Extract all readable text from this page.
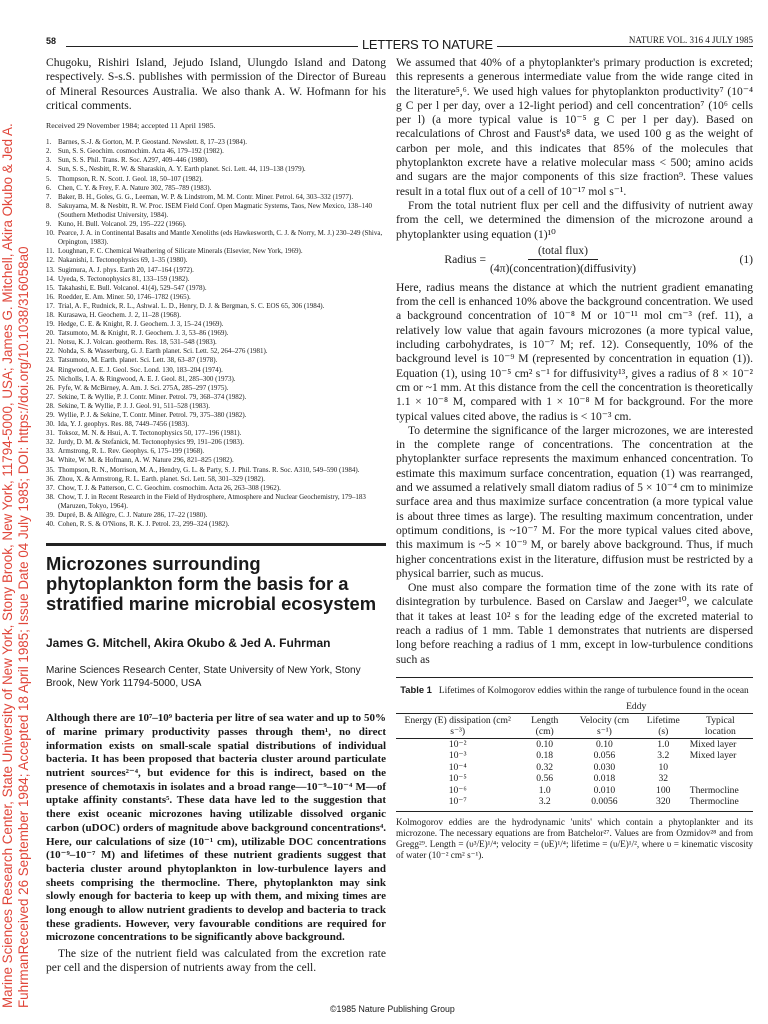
Marine Sciences Research Center, State University of New York, Stony Brook, New York, 11794-5000, USA; James G. Mitchell, Akira Okubo & Jed A. FuhrmanReceived 26 September 1984; Accepted 18 April 1985; Issue Date 04 July 1985; DOI: https://doi.org/10.1038/316058a0
58	LETTERS TO NATURE	NATURE VOL. 316 4 JULY 1985

Chugoku, Rishiri Island, Jejudo Island, Ulungdo Island and Datong respectively. S-s.S. publishes with permission of the Director of Bureau of Mineral Resources Australia. We also thank A. W. Hofmann for his critical comments.

Received 29 November 1984; accepted 11 April 1985.

1. Barnes, S.-J. & Gorton, M. P. Geostand. Newslett. 8, 17–23 (1984).
2. Sun, S. S. Geochim. cosmochim. Acta 46, 179–192 (1982).
3. Sun, S. S. Phil. Trans. R. Soc. A297, 409–446 (1980).
4. Sun, S. S., Nesbitt, R. W. & Sharaskin, A. Y. Earth planet. Sci. Lett. 44, 119–138 (1979).
5. Thompson, R. N. Scott. J. Geol. 18, 50–107 (1982).
6. Chen, C. Y. & Frey, F. A. Nature 302, 785–789 (1983).
7. Baker, B. H., Goles, G. G., Leeman, W. P. & Lindstrom, M. M. Contr. Miner. Petrol. 64, 303–332 (1977).
8. Sakuyama, M. & Nesbitt, R. W. Proc. ISEM Field Conf. Open Magmatic Systems, Taos, New Mexico, 138–140 (Southern Methodist University, 1984).
9. Kuno, H. Bull. Volcanol. 29, 195–222 (1966).
10. Pearce, J. A. in Continental Basalts and Mantle Xenoliths (eds Hawkesworth, C. J. & Norry, M. J.) 230–249 (Shiva, Orpington, 1983).
11. Loughnan, F. C. Chemical Weathering of Silicate Minerals (Elsevier, New York, 1969).
12. Nakanishi, I. Tectonophysics 69, 1–35 (1980).
13. Sugimura, A. J. phys. Earth 20, 147–164 (1972).
14. Uyeda, S. Tectonophysics 81, 133–159 (1982).
15. Takahashi, E. Bull. Volcanol. 41(4), 529–547 (1978).
16. Roedder, E. Am. Miner. 50, 1746–1782 (1965).
17. Trial, A. F., Rudnick, R. L., Ashwal. L. D., Henry, D. J. & Bergman, S. C. EOS 65, 306 (1984).
18. Kurasawa, H. Geochem. J. 2, 11–28 (1968).
19. Hedge, C. E. & Knight, R. J. Geochem. J. 3, 15–24 (1969).
20. Tatsumoto, M. & Knight, R. J. Geochem. J. 3, 53–86 (1969).
21. Notsu, K. J. Volcan. geotherm. Res. 18, 531–548 (1983).
22. Nohda, S. & Wasserburg, G. J. Earth planet. Sci. Lett. 52, 264–276 (1981).
23. Tatsumoto, M. Earth. planet. Sci. Lett. 38, 63–87 (1978).
24. Ringwood, A. E. J. Geol. Soc. Lond. 130, 183–204 (1974).
25. Nicholls, I. A. & Ringwood, A. E. J. Geol. 81, 285–300 (1973).
26. Fyfe, W. & McBirney, A. Am. J. Sci. 275A, 285–297 (1975).
27. Sekine, T. & Wyllie, P. J. Contr. Miner. Petrol. 79, 368–374 (1982).
28. Sekine, T. & Wyllie, P. J. J. Geol. 91, 511–528 (1983).
29. Wyllie, P. J. & Sekine, T. Contr. Miner. Petrol. 79, 375–380 (1982).
30. Ida, Y. J. geophys. Res. 88, 7449–7456 (1983).
31. Toksoz, M. N. & Hsui, A. T. Tectonophysics 50, 177–196 (1981).
32. Jurdy, D. M. & Stefanick, M. Tectonophysics 99, 191–206 (1983).
33. Armstrong, R. L. Rev. Geophys. 6, 175–199 (1968).
34. White, W. M. & Hofmann, A. W. Nature 296, 821–825 (1982).
35. Thompson, R. N., Morrison, M. A., Hendry, G. L. & Party, S. J. Phil. Trans. R. Soc. A310, 549–590 (1984).
36. Zhou, X. & Armstrong, R. L. Earth. planet. Sci. Lett. 58, 301–329 (1982).
37. Chow, T. J. & Patterson, C. C. Geochim. cosmochim. Acta 26, 263–308 (1962).
38. Chow, T. J. in Recent Research in the Field of Hydrosphere, Atmosphere and Nuclear Geochemistry, 179–183 (Maruzen, Tokyo, 1964).
39. Dupré, B. & Allègre, C. J. Nature 286, 17–22 (1980).
40. Cohen, R. S. & O'Nions, R. K. J. Petrol. 23, 299–324 (1982).
Microzones surrounding phytoplankton form the basis for a stratified marine microbial ecosystem
James G. Mitchell, Akira Okubo & Jed A. Fuhrman
Marine Sciences Research Center, State University of New York, Stony Brook, New York 11794-5000, USA

Although there are 10⁷–10⁹ bacteria per litre of sea water and up to 50% of marine primary productivity passes through them¹, no direct information exists on small-scale spatial distributions of individual bacteria. It has been proposed that bacteria cluster around particulate nutrient sources²⁻⁴, but evidence for this is indirect, based on the presence of chemotaxis in isolates and a broad range—10⁻⁹–10⁻⁴ M—of uptake affinity constants⁵. These data have led to the suggestion that there exist oceanic microzones having utilizable dissolved organic carbon (uDOC) orders of magnitude above background concentrations⁴. Here, our calculations of size (10⁻¹ cm), utilizable DOC concentrations (10⁻⁹–10⁻⁷ M) and lifetimes of these nutrient gradients suggest that bacteria cluster around phytoplankton in low-turbulence layers and sheets comprising the thermocline. There, phytoplankton may sink slowly enough for bacteria to keep up with them, and mixing times are long enough to allow nutrient gradients to develop and bacteria to track these gradients. However, very favourable conditions are required for microzone concentrations to be significantly above background.

The size of the nutrient field was calculated from the excretion rate per cell and the dispersion of nutrients away from the cell.

We assumed that 40% of a phytoplankter's primary production is excreted; this represents a generous intermediate value from the wide range cited in the literature⁵,⁶. We used high values for phytoplankton productivity⁷ (10⁻⁴ g C per l per day, over a 12-light period) and cell concentration⁷ (10⁶ cells per l) (a more typical value is 10⁻⁵ g C per l per day). Based on recalculations of Chrost and Faust's⁸ data, we used 100 g as the weight of carbon per mole, and this indicates that 85% of the molecules that phytoplankton excrete have a relative molecular mass < 500; amino acids and sugars are the major components of this size fraction⁹. These values result in a total flux out of a cell of 10⁻¹⁷ mol s⁻¹.

From the total nutrient flux per cell and the diffusivity of nutrient away from the cell, we determined the dimension of the microzone around a phytoplankter using equation (1)¹⁰

Radius = $\frac{\text{(total flux)}}{\text{(4π)(concentration)(diffusivity)}}$	(1)

Here, radius means the distance at which the nutrient gradient emanating from the cell is enhanced 10% above the background concentration. We used a background concentration of 10⁻⁸ M or 10⁻¹¹ mol cm⁻³ (ref. 11), a relatively low value that again favours microzones (a more typical value, including carbohydrates, is 10⁻⁷ M; ref. 12). Consequently, 10% of the background level is 10⁻⁹ M (represented by concentration in equation (1)). Equation (1), using 10⁻⁵ cm² s⁻¹ for diffusivity¹³, gives a radius of 8 × 10⁻² cm or ~1 mm. At this distance from the cell the concentration is theoretically 1.1 × 10⁻⁸ M, compared with 1 × 10⁻⁸ M for background. For the more typical values cited above, the radius is < 10⁻³ cm.

To determine the significance of the larger microzones, we are interested in the complete range of concentrations. The concentration at the phytoplankter surface represents the maximum enhanced concentration. To estimate this maximum surface concentration, equation (1) was rearranged, and we assumed a relatively small diatom radius of 5 × 10⁻⁴ cm to minimize surface area and thus maximize surface concentration (a more typical value is about three times as large). The resulting maximum concentration, under optimum conditions, is ~10⁻⁷ M. For the more typical values cited above, this maximum is ~5 × 10⁻⁹ M, or barely above background. Thus, if much higher concentrations exist in the literature, diffusion must be restricted by a physical barrier, such as mucus.

One must also compare the formation time of the zone with its rate of disintegration by turbulence. Based on Carslaw and Jaeger¹⁰, we calculate that it takes at least 10² s for the leading edge of the excreted material to reach a radius of 1 mm. Table 1 demonstrates that nutrients are dispersed long before reaching a radius of 1 mm, except in low-turbulence conditions such as

Table 1 Lifetimes of Kolmogorov eddies within the range of turbulence found in the ocean
	Eddy			
Energy (E) dissipation (cm² s⁻³)	Length (cm)	Velocity (cm s⁻¹)	Lifetime (s)	Typical location
10⁻²	0.10	0.10	1.0	Mixed layer
10⁻³	0.18	0.056	3.2	Mixed layer
10⁻⁴	0.32	0.030	10	
10⁻⁵	0.56	0.018	32	
10⁻⁶	1.0	0.010	100	Thermocline
10⁻⁷	3.2	0.0056	320	Thermocline
Kolmogorov eddies are the hydrodynamic 'units' which contain a phytoplankter and its microzone. The necessary equations are from Batchelor²⁷. Values are from Ozmidov²⁸ and from Gregg²⁹. Length = (υ³/E)¹/⁴; velocity = (υE)¹/⁴; lifetime = (υ/E)¹/², where υ = kinematic viscosity of water (10⁻² cm² s⁻¹).
©1985 Nature Publishing Group
